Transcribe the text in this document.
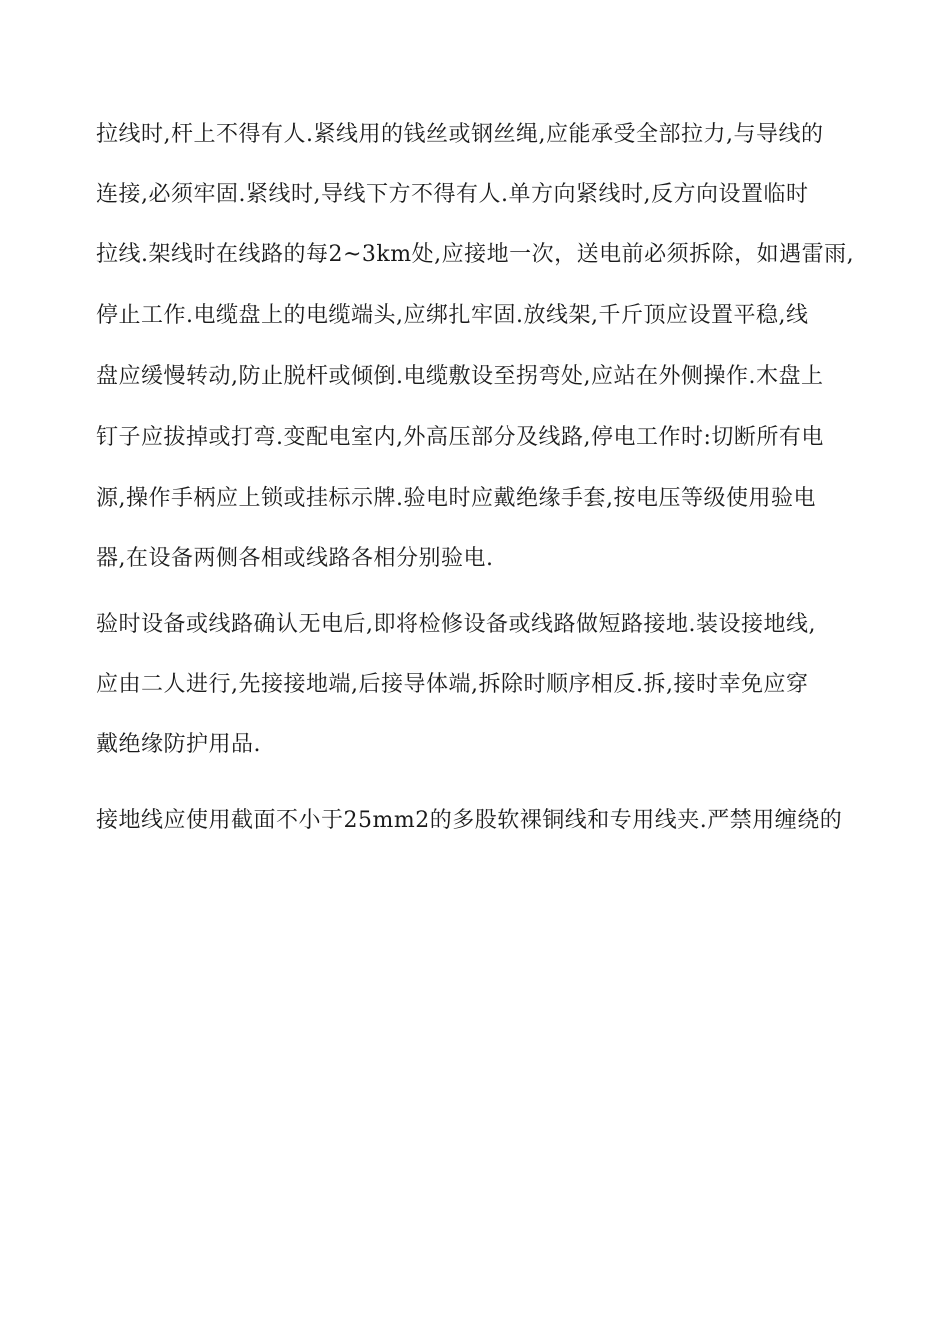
拉线时,杆上不得有人.紧线用的钱丝或钢丝绳,应能承受全部拉力,与导线的
连接,必须牢固.紧线时,导线下方不得有人.单方向紧线时,反方向设置临时
拉线.架线时在线路的每2~3km处,应接地一次，送电前必须拆除，如遇雷雨,
停止工作.电缆盘上的电缆端头,应绑扎牢固.放线架,千斤顶应设置平稳,线
盘应缓慢转动,防止脱杆或倾倒.电缆敷设至拐弯处,应站在外侧操作.木盘上
钉子应拔掉或打弯.变配电室内,外高压部分及线路,停电工作时:切断所有电
源,操作手柄应上锁或挂标示牌.验电时应戴绝缘手套,按电压等级使用验电
器,在设备两侧各相或线路各相分别验电.
验时设备或线路确认无电后,即将检修设备或线路做短路接地.装设接地线,
应由二人进行,先接接地端,后接导体端,拆除时顺序相反.拆,接时幸免应穿
戴绝缘防护用品.
接地线应使用截面不小于25mm2的多股软裸铜线和专用线夹.严禁用缠绕的
